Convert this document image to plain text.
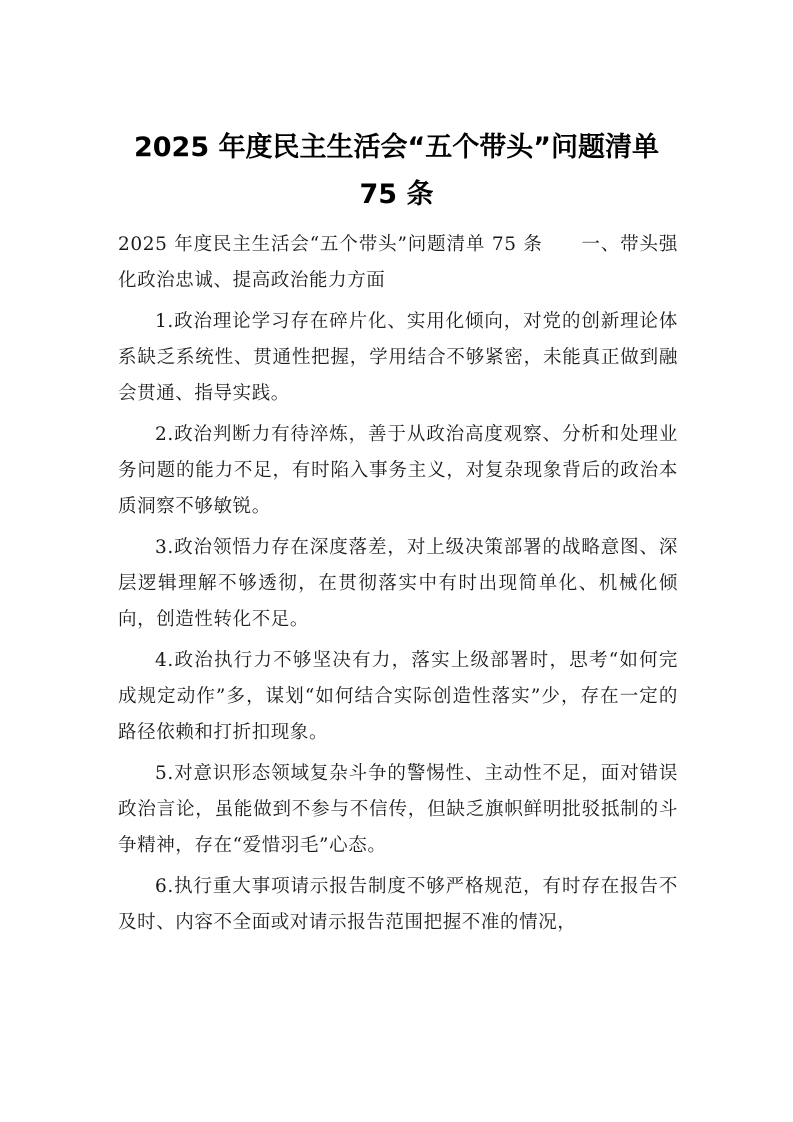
2025 年度民主生活会“五个带头”问题清单
75 条

2025 年度民主生活会“五个带头”问题清单 75 条　　一、带头强化政治忠诚、提高政治能力方面

1.政治理论学习存在碎片化、实用化倾向，对党的创新理论体系缺乏系统性、贯通性把握，学用结合不够紧密，未能真正做到融会贯通、指导实践。

2.政治判断力有待淬炼，善于从政治高度观察、分析和处理业务问题的能力不足，有时陷入事务主义，对复杂现象背后的政治本质洞察不够敏锐。

3.政治领悟力存在深度落差，对上级决策部署的战略意图、深层逻辑理解不够透彻，在贯彻落实中有时出现简单化、机械化倾向，创造性转化不足。

4.政治执行力不够坚决有力，落实上级部署时，思考“如何完成规定动作”多，谋划“如何结合实际创造性落实”少，存在一定的路径依赖和打折扣现象。

5.对意识形态领域复杂斗争的警惕性、主动性不足，面对错误政治言论，虽能做到不参与不信传，但缺乏旗帜鲜明批驳抵制的斗争精神，存在“爱惜羽毛”心态。

6.执行重大事项请示报告制度不够严格规范，有时存在报告不及时、内容不全面或对请示报告范围把握不准的情况，
